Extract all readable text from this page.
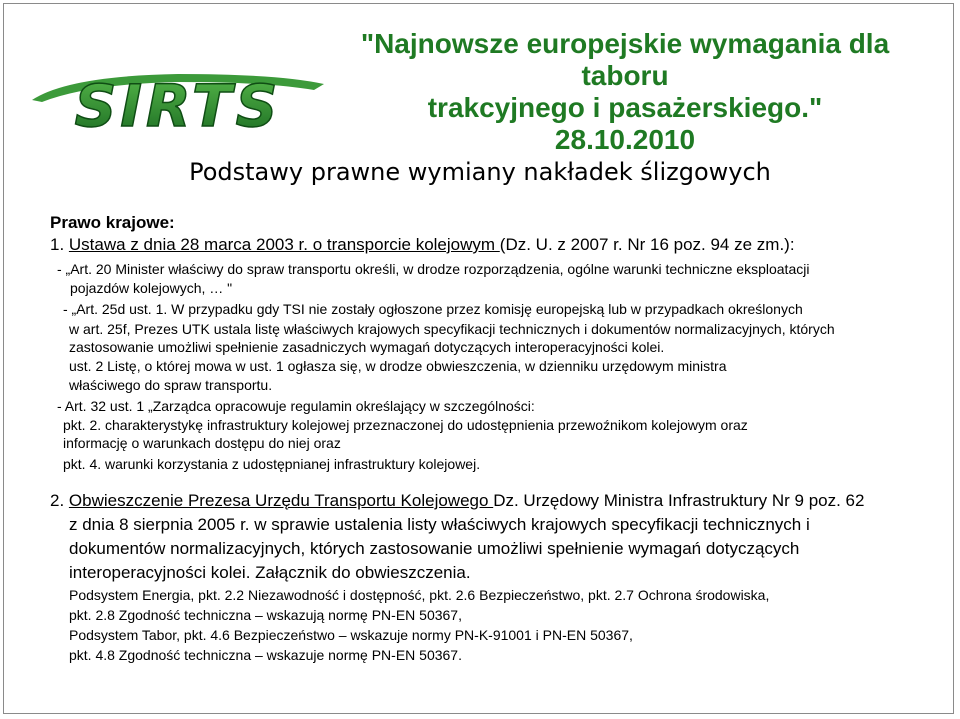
SIRTS
"Najnowsze europejskie wymagania dla taboru
trakcyjnego i pasażerskiego."
28.10.2010
Podstawy prawne wymiany nakładek ślizgowych
Prawo krajowe:
1. Ustawa z dnia 28 marca 2003 r. o transporcie kolejowym (Dz. U. z 2007 r. Nr 16 poz. 94 ze zm.):
- „Art. 20 Minister właściwy do spraw transportu określi, w drodze rozporządzenia, ogólne warunki techniczne eksploatacji
pojazdów kolejowych, … "
- „Art. 25d ust. 1. W przypadku gdy TSI nie zostały ogłoszone przez komisję europejską lub w przypadkach określonych
w art. 25f, Prezes UTK ustala listę właściwych krajowych specyfikacji technicznych i dokumentów normalizacyjnych, których
zastosowanie umożliwi spełnienie zasadniczych wymagań dotyczących interoperacyjności kolei.
ust. 2 Listę, o której mowa w ust. 1 ogłasza się, w drodze obwieszczenia, w dzienniku urzędowym ministra
właściwego do spraw transportu.
- Art. 32 ust. 1 „Zarządca opracowuje regulamin określający w szczególności:
pkt. 2. charakterystykę infrastruktury kolejowej przeznaczonej do udostępnienia przewoźnikom kolejowym oraz
informację o warunkach dostępu do niej oraz
pkt. 4. warunki korzystania z udostępnianej infrastruktury kolejowej.
2. Obwieszczenie Prezesa Urzędu Transportu Kolejowego Dz. Urzędowy Ministra Infrastruktury Nr 9 poz. 62
z dnia 8 sierpnia 2005 r. w sprawie ustalenia listy właściwych krajowych specyfikacji technicznych i
dokumentów normalizacyjnych, których zastosowanie umożliwi spełnienie wymagań dotyczących
interoperacyjności kolei. Załącznik do obwieszczenia.
Podsystem Energia, pkt. 2.2 Niezawodność i dostępność, pkt. 2.6 Bezpieczeństwo, pkt. 2.7 Ochrona środowiska,
pkt. 2.8 Zgodność techniczna – wskazują normę PN-EN 50367,
Podsystem Tabor, pkt. 4.6 Bezpieczeństwo – wskazuje normy PN-K-91001 i PN-EN 50367,
pkt. 4.8 Zgodność techniczna – wskazuje normę PN-EN 50367.
